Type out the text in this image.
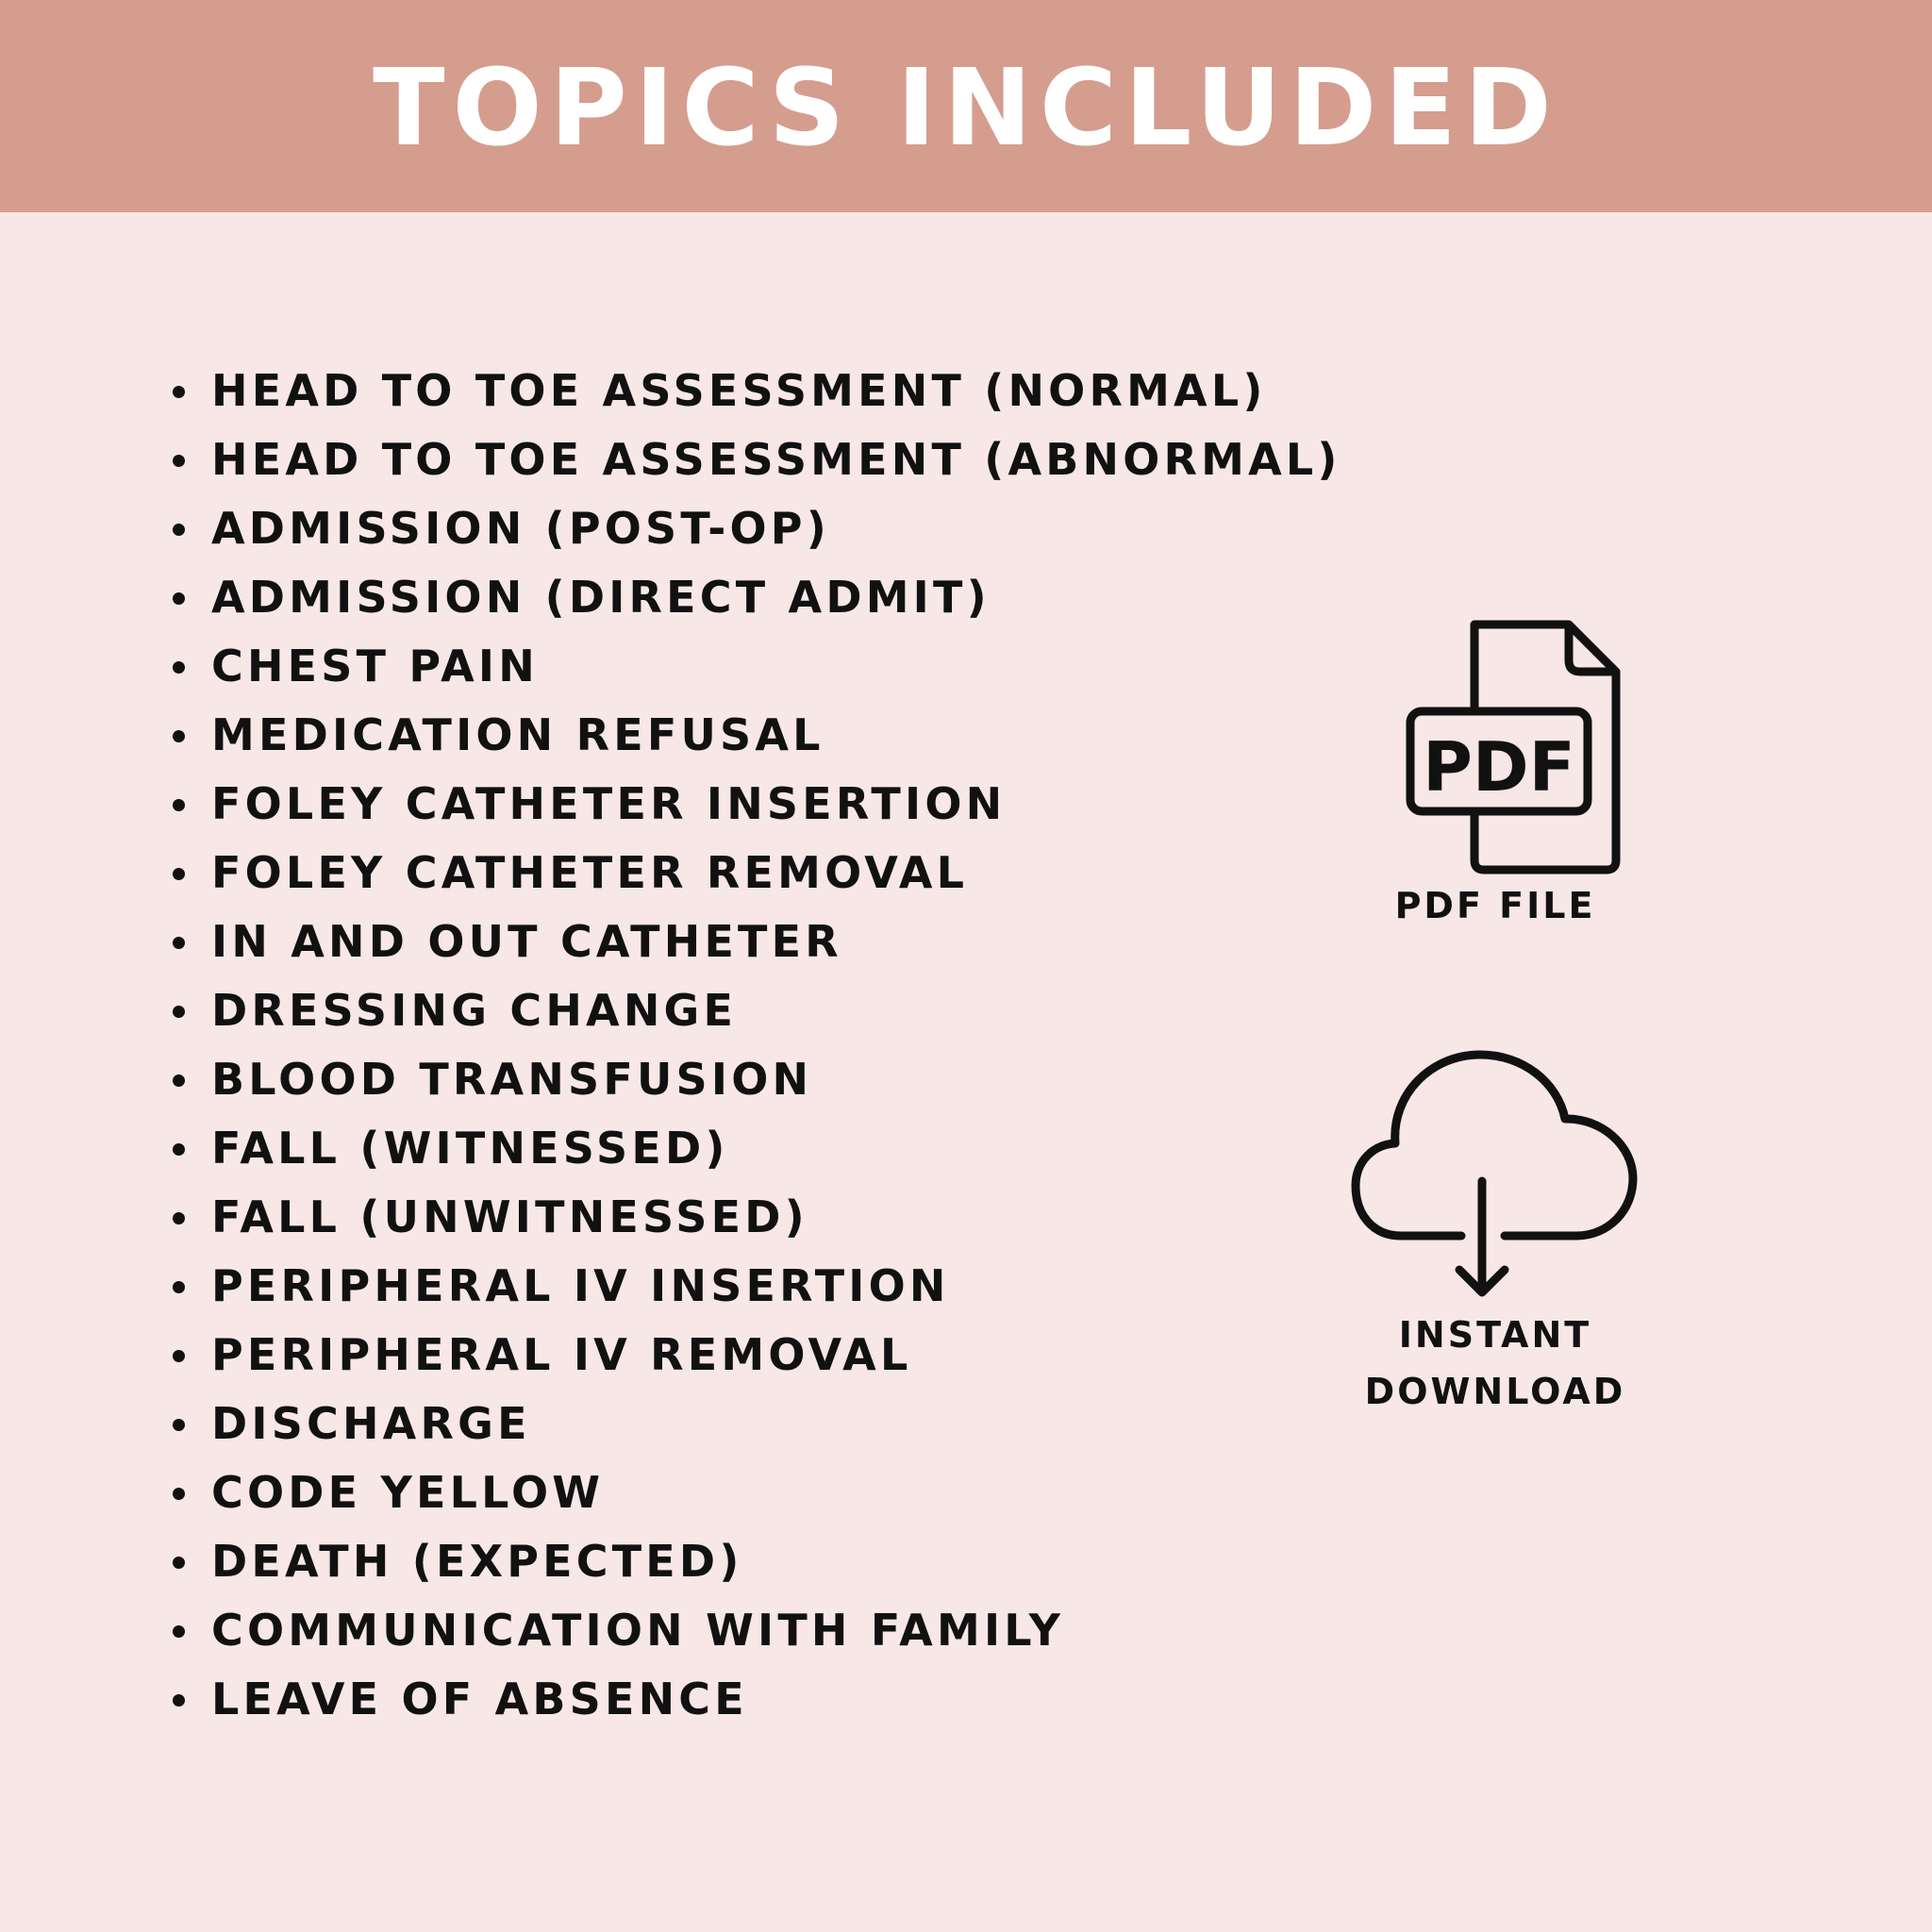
TOPICS INCLUDED
HEAD TO TOE ASSESSMENT (NORMAL)
HEAD TO TOE ASSESSMENT (ABNORMAL)
ADMISSION (POST-OP)
ADMISSION (DIRECT ADMIT)
CHEST PAIN
MEDICATION REFUSAL
FOLEY CATHETER INSERTION
FOLEY CATHETER REMOVAL
IN AND OUT CATHETER
DRESSING CHANGE
BLOOD TRANSFUSION
FALL (WITNESSED)
FALL (UNWITNESSED)
PERIPHERAL IV INSERTION
PERIPHERAL IV REMOVAL
DISCHARGE
CODE YELLOW
DEATH (EXPECTED)
COMMUNICATION WITH FAMILY
LEAVE OF ABSENCE
PDF
PDF FILE
INSTANT
DOWNLOAD
